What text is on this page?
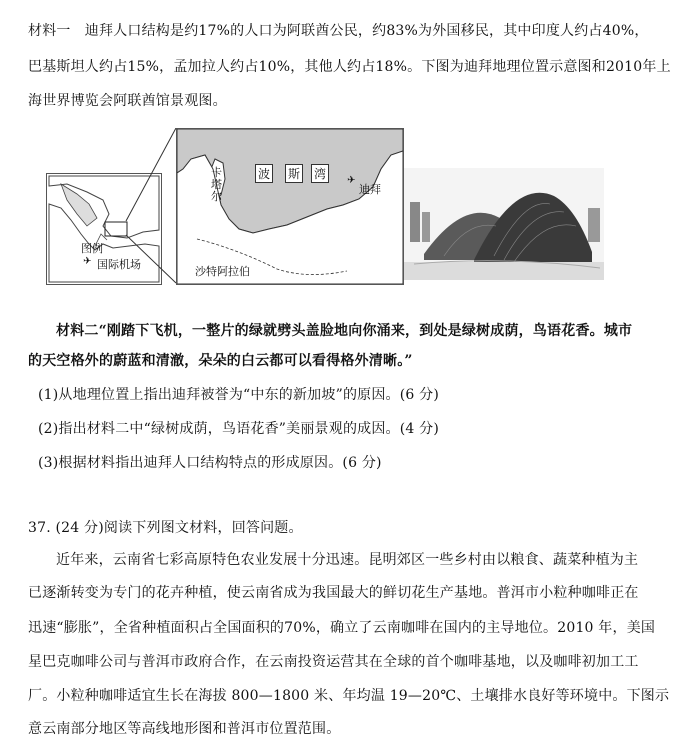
材料一　迪拜人口结构是约17%的人口为阿联酋公民，约83%为外国移民，其中印度人约占40%，
巴基斯坦人约占15%，孟加拉人约占10%，其他人约占18%。下图为迪拜地理位置示意图和2010年上
海世界博览会阿联酋馆景观图。
图例
✈ 国际机场
卡塔尔
波 斯 湾	✈
迪拜
沙特阿拉伯
材料二“刚踏下飞机，一整片的绿就劈头盖脸地向你涌来，到处是绿树成荫，鸟语花香。城市
的天空格外的蔚蓝和清澈，朵朵的白云都可以看得格外清晰。”
(1)从地理位置上指出迪拜被誉为“中东的新加坡”的原因。(6 分)
(2)指出材料二中“绿树成荫，鸟语花香”美丽景观的成因。(4 分)
(3)根据材料指出迪拜人口结构特点的形成原因。(6 分)
37. (24 分)阅读下列图文材料，回答问题。
近年来，云南省七彩高原特色农业发展十分迅速。昆明郊区一些乡村由以粮食、蔬菜种植为主
已逐渐转变为专门的花卉种植，使云南省成为我国最大的鲜切花生产基地。普洱市小粒种咖啡正在
迅速“膨胀”，全省种植面积占全国面积的70%，确立了云南咖啡在国内的主导地位。2010 年，美国
星巴克咖啡公司与普洱市政府合作，在云南投资运营其在全球的首个咖啡基地，以及咖啡初加工工
厂。小粒种咖啡适宜生长在海拔 800—1800 米、年均温 19—20℃、土壤排水良好等环境中。下图示
意云南部分地区等高线地形图和普洱市位置范围。
